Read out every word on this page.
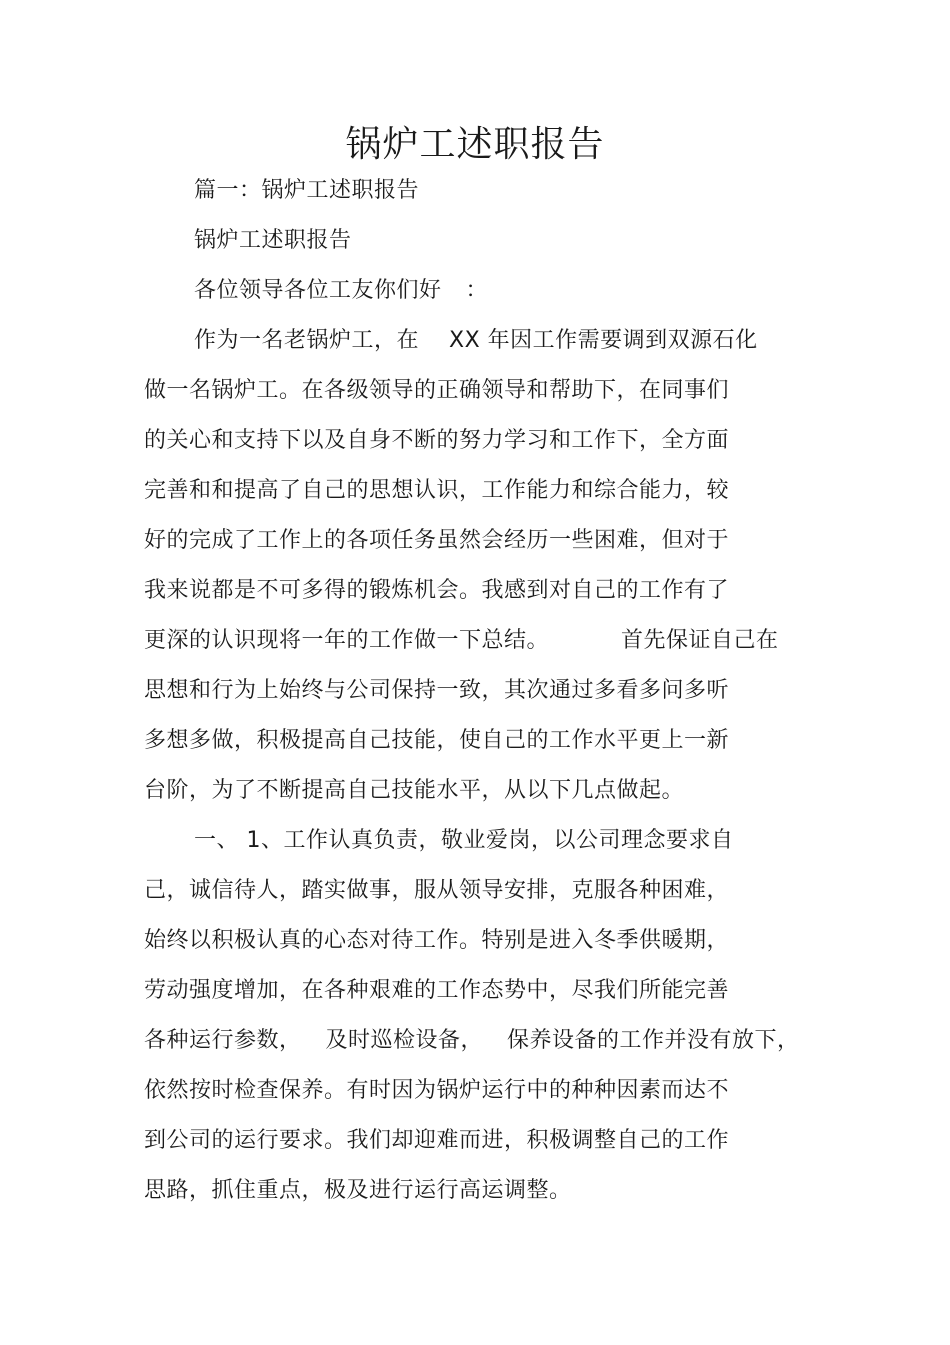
锅炉工述职报告
篇一：锅炉工述职报告
锅炉工述职报告
各位领导各位工友你们好 ：
作为一名老锅炉工，在 XX 年因工作需要调到双源石化
做一名锅炉工。在各级领导的正确领导和帮助下，在同事们
的关心和支持下以及自身不断的努力学习和工作下，全方面
完善和和提高了自己的思想认识，工作能力和综合能力，较
好的完成了工作上的各项任务虽然会经历一些困难，但对于
我来说都是不可多得的锻炼机会。我感到对自己的工作有了
更深的认识现将一年的工作做一下总结。	首先保证自己在
思想和行为上始终与公司保持一致，其次通过多看多问多听
多想多做，积极提高自己技能，使自己的工作水平更上一新
台阶，为了不断提高自己技能水平，从以下几点做起。
一、 1、工作认真负责，敬业爱岗，以公司理念要求自
己，诚信待人，踏实做事，服从领导安排，克服各种困难，
始终以积极认真的心态对待工作。特别是进入冬季供暖期，
劳动强度增加，在各种艰难的工作态势中，尽我们所能完善
各种运行参数， 及时巡检设备， 保养设备的工作并没有放下，
依然按时检查保养。有时因为锅炉运行中的种种因素而达不
到公司的运行要求。我们却迎难而进，积极调整自己的工作
思路，抓住重点，极及进行运行高运调整。
